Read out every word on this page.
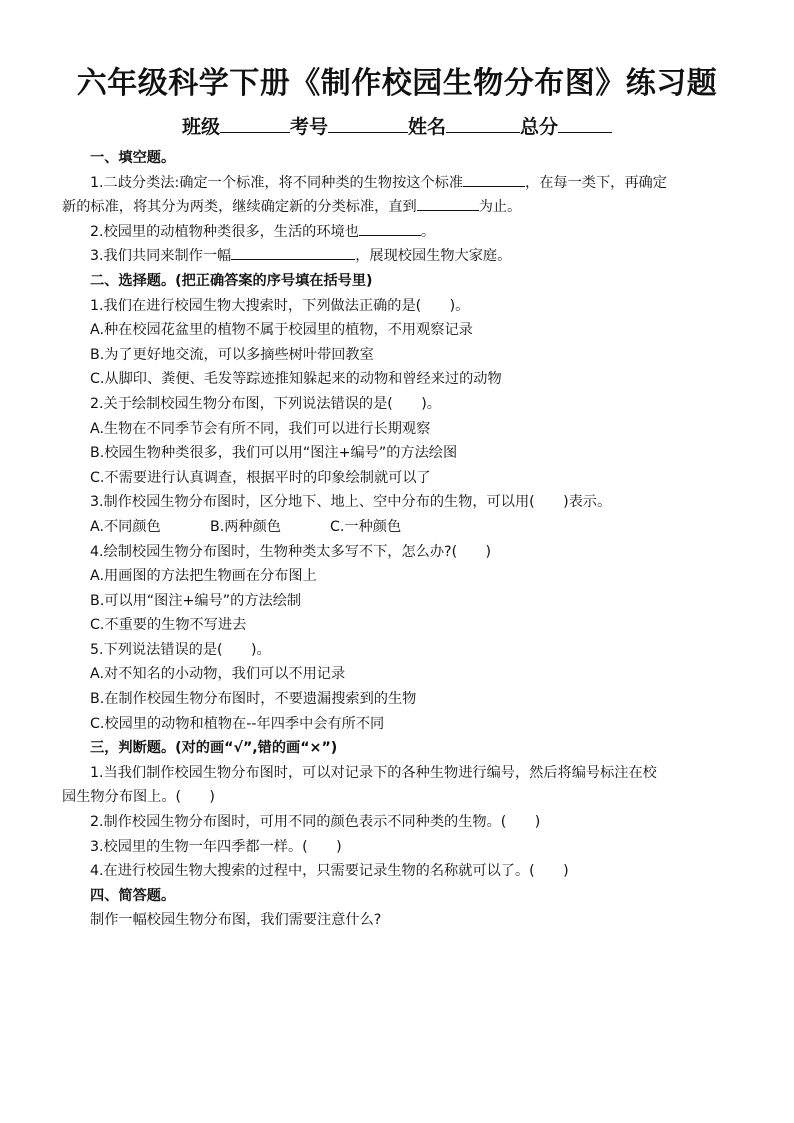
六年级科学下册《制作校园生物分布图》练习题
班级	考号	姓名	总分
一、填空题。
1.二歧分类法:确定一个标准，将不同种类的生物按这个标准	，在每一类下，再确定
新的标准，将其分为两类，继续确定新的分类标准，直到	为止。
2.校园里的动植物种类很多，生活的环境也	。
3.我们共同来制作一幅	，展现校园生物大家庭。
二、选择题。(把正确答案的序号填在括号里)
1.我们在进行校园生物大搜索时，下列做法正确的是(　　)。
A.种在校园花盆里的植物不属于校园里的植物，不用观察记录
B.为了更好地交流，可以多摘些树叶带回教室
C.从脚印、粪便、毛发等踪迹推知躲起来的动物和曾经来过的动物
2.关于绘制校园生物分布图，下列说法错误的是(　　)。
A.生物在不同季节会有所不同，我们可以进行长期观察
B.校园生物种类很多，我们可以用“图注+编号”的方法绘图
C.不需要进行认真调查，根据平时的印象绘制就可以了
3.制作校园生物分布图时，区分地下、地上、空中分布的生物，可以用(　　)表示。
A.不同颜色	B.两种颜色	C.一种颜色
4.绘制校园生物分布图时，生物种类太多写不下，怎么办?(　　)
A.用画图的方法把生物画在分布图上
B.可以用“图注+编号”的方法绘制
C.不重要的生物不写进去
5.下列说法错误的是(　　)。
A.对不知名的小动物，我们可以不用记录
B.在制作校园生物分布图时，不要遗漏搜索到的生物
C.校园里的动物和植物在--年四季中会有所不同
三，判断题。(对的画“√”,错的画“×”)
1.当我们制作校园生物分布图时，可以对记录下的各种生物进行编号，然后将编号标注在校
园生物分布图上。(　　)
2.制作校园生物分布图时，可用不同的颜色表示不同种类的生物。(　　)
3.校园里的生物一年四季都一样。(　　)
4.在进行校园生物大搜索的过程中，只需要记录生物的名称就可以了。(　　)
四、简答题。
制作一幅校园生物分布图，我们需要注意什么?
